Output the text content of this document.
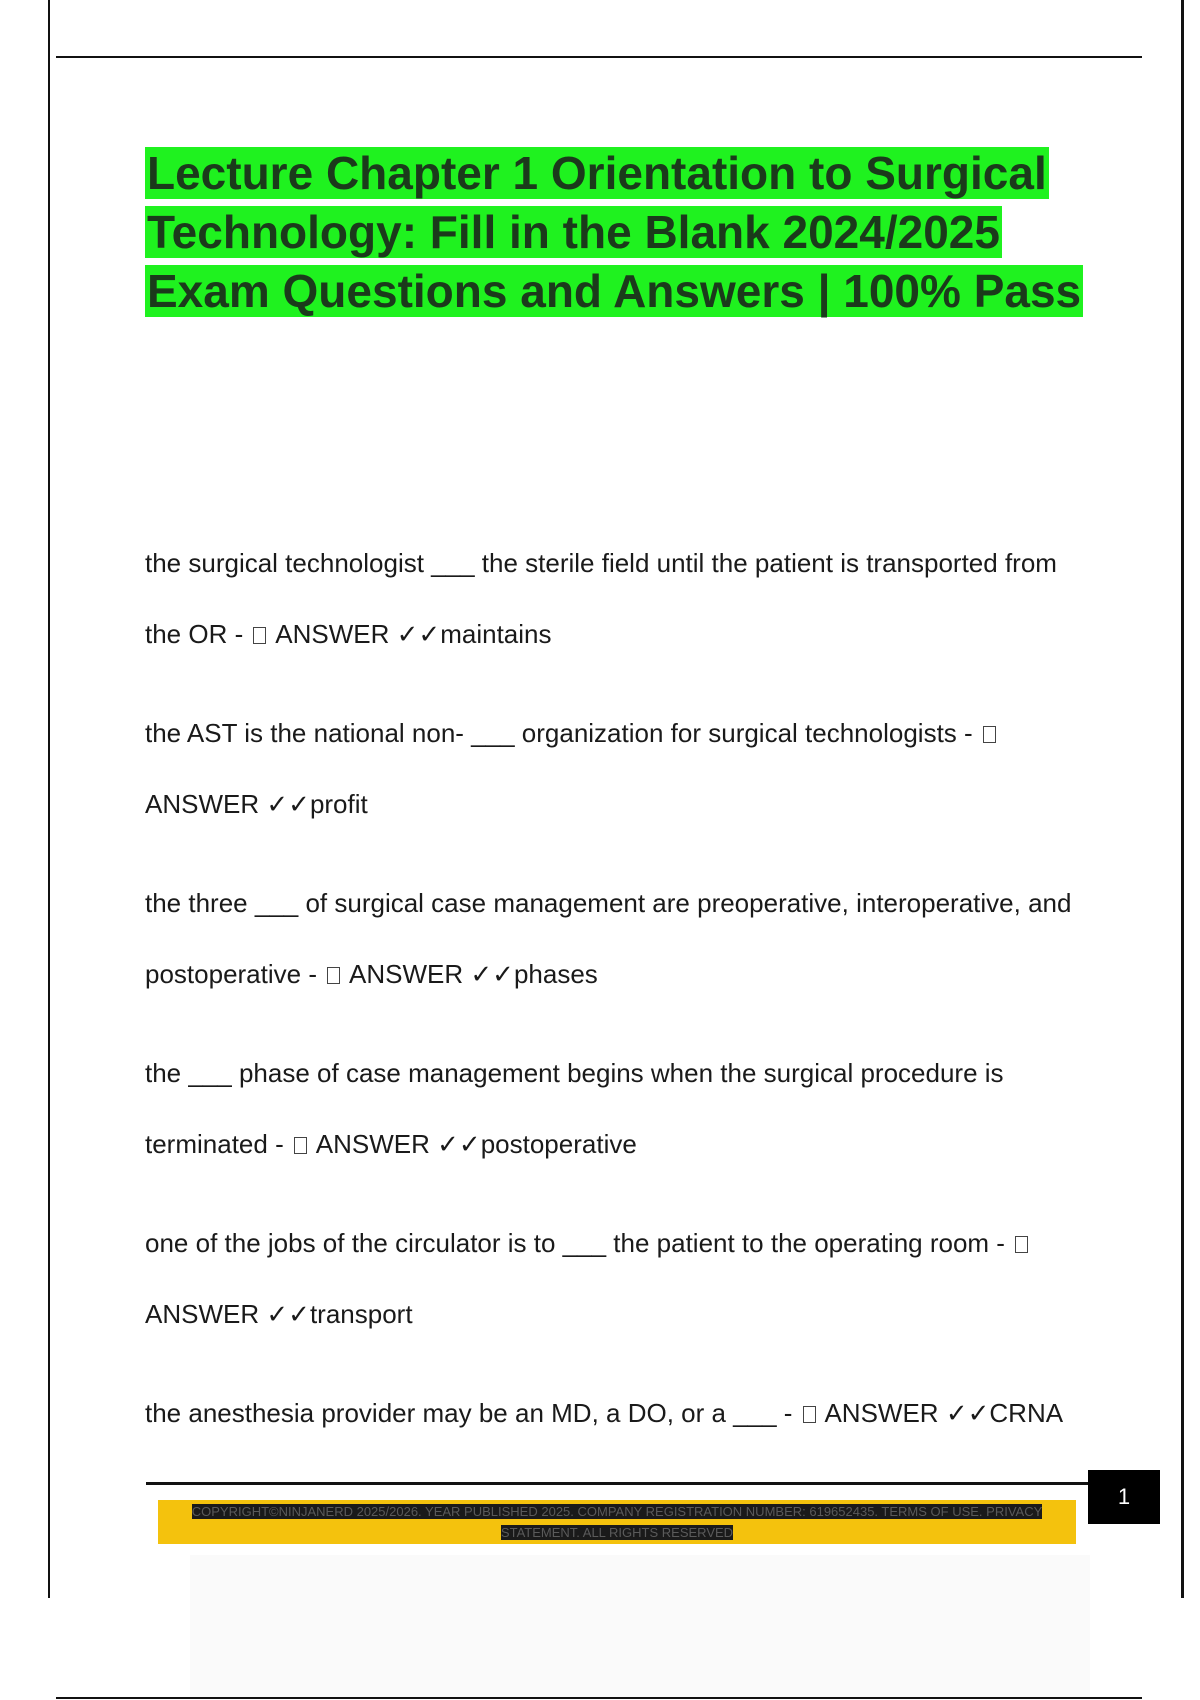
Lecture Chapter 1 Orientation to Surgical Technology: Fill in the Blank 2024/2025 Exam Questions and Answers | 100% Pass

the surgical technologist ___ the sterile field until the patient is transported from the OR - ANSWER ✓✓maintains

the AST is the national non- ___ organization for surgical technologists -  ANSWER ✓✓profit

the three ___ of surgical case management are preoperative, interoperative, and postoperative - ANSWER ✓✓phases

the ___ phase of case management begins when the surgical procedure is terminated - ANSWER ✓✓postoperative

one of the jobs of the circulator is to ___ the patient to the operating room -  ANSWER ✓✓transport

the anesthesia provider may be an MD, a DO, or a ___ - ANSWER ✓✓CRNA

1
COPYRIGHT©NINJANERD 2025/2026. YEAR PUBLISHED 2025. COMPANY REGISTRATION NUMBER: 619652435. TERMS OF USE. PRIVACY STATEMENT. ALL RIGHTS RESERVED
